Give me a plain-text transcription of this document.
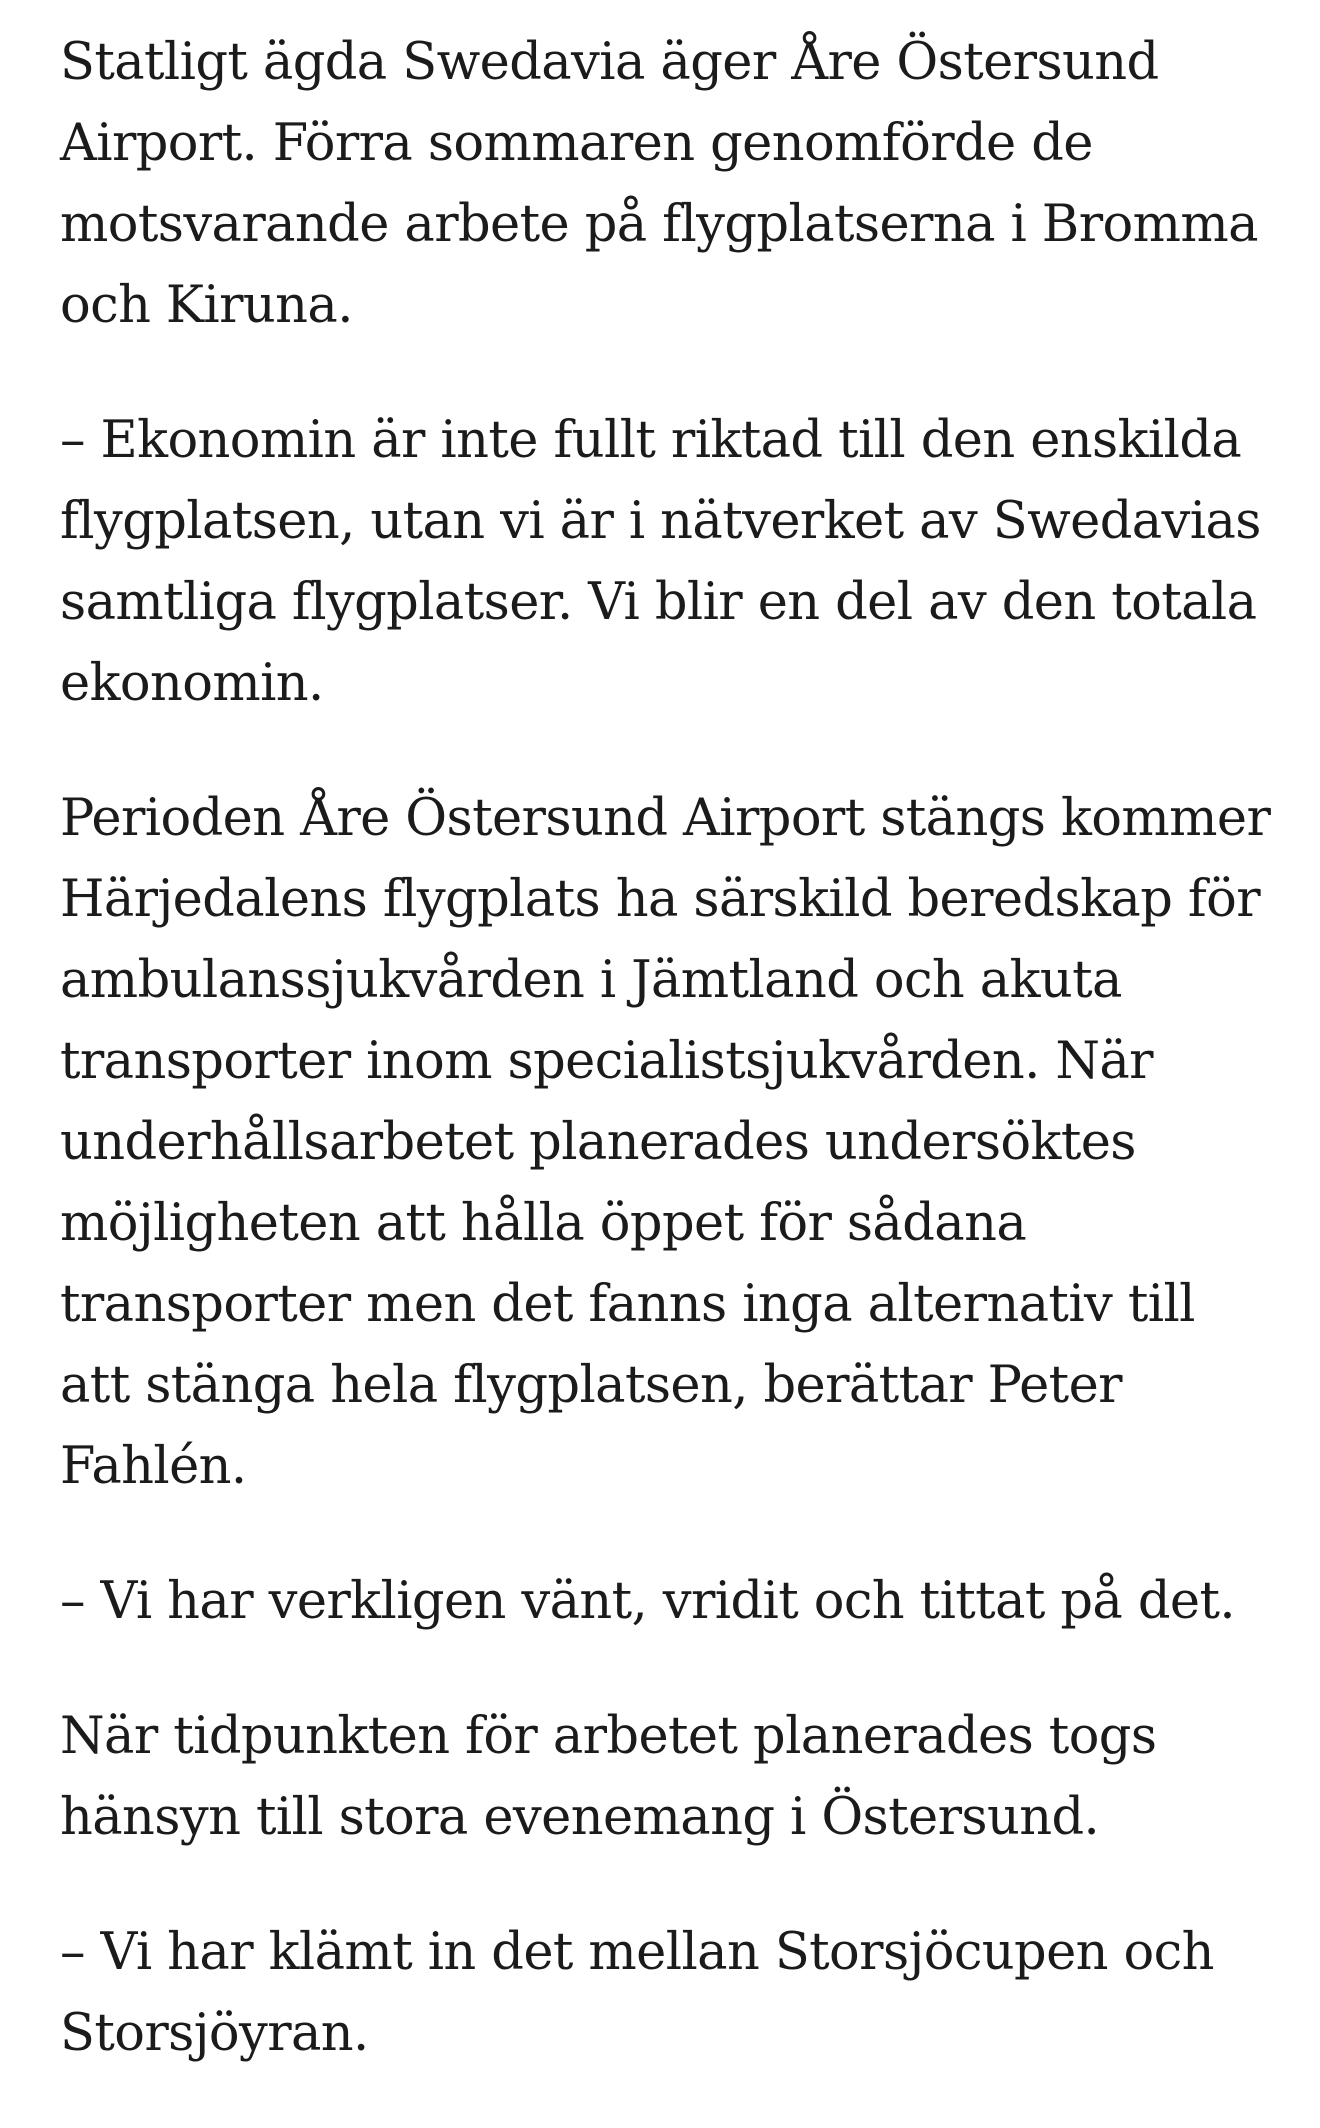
Statligt ägda Swedavia äger Åre Östersund Airport. Förra sommaren genomförde de motsvarande arbete på flygplatserna i Bromma och Kiruna.

– Ekonomin är inte fullt riktad till den enskilda flygplatsen, utan vi är i nätverket av Swedavias samtliga flygplatser. Vi blir en del av den totala ekonomin.

Perioden Åre Östersund Airport stängs kommer Härjedalens flygplats ha särskild beredskap för ambulanssjukvården i Jämtland och akuta transporter inom specialistsjukvården. När underhållsarbetet planerades undersöktes möjligheten att hålla öppet för sådana transporter men det fanns inga alternativ till att stänga hela flygplatsen, berättar Peter Fahlén.

– Vi har verkligen vänt, vridit och tittat på det.

När tidpunkten för arbetet planerades togs hänsyn till stora evenemang i Östersund.

– Vi har klämt in det mellan Storsjöcupen och Storsjöyran.
